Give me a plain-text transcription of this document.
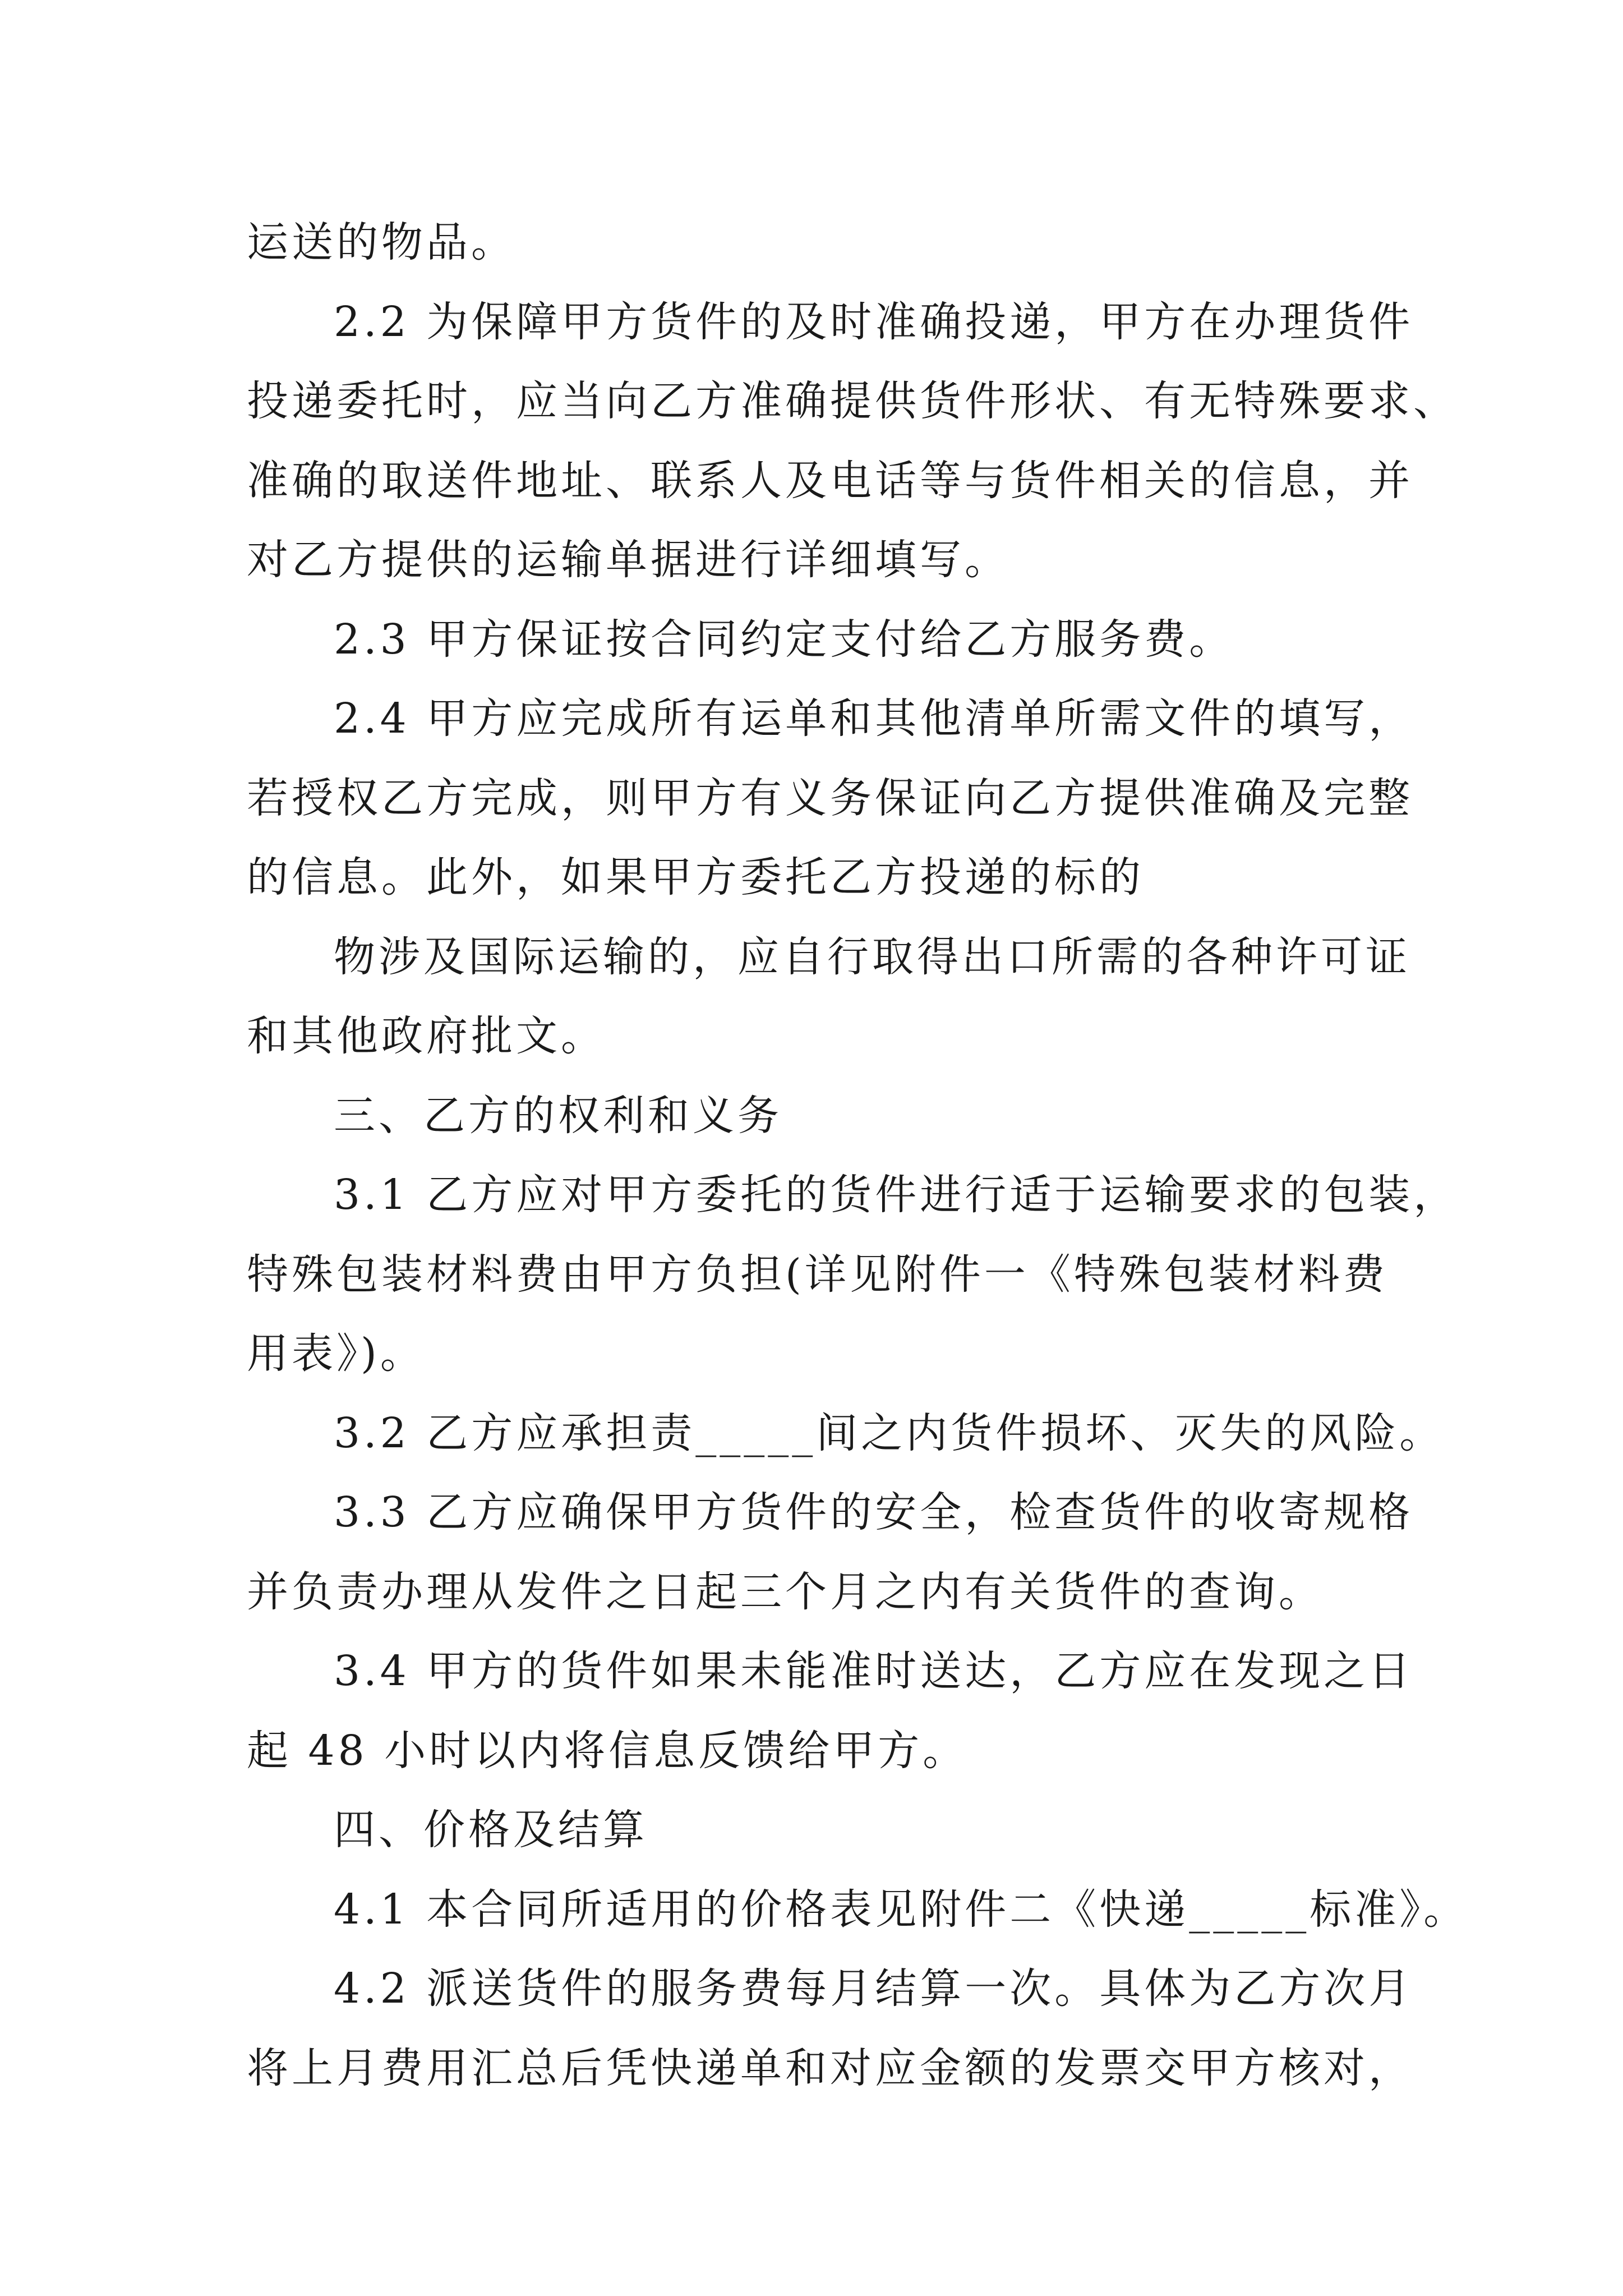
运送的物品。
2.2 为保障甲方货件的及时准确投递，甲方在办理货件
投递委托时，应当向乙方准确提供货件形状、有无特殊要求、
准确的取送件地址、联系人及电话等与货件相关的信息，并
对乙方提供的运输单据进行详细填写。
2.3 甲方保证按合同约定支付给乙方服务费。
2.4 甲方应完成所有运单和其他清单所需文件的填写，
若授权乙方完成，则甲方有义务保证向乙方提供准确及完整
的信息。此外，如果甲方委托乙方投递的标的
物涉及国际运输的，应自行取得出口所需的各种许可证
和其他政府批文。
三、乙方的权利和义务
3.1 乙方应对甲方委托的货件进行适于运输要求的包装，
特殊包装材料费由甲方负担(详见附件一《特殊包装材料费
用表》)。
3.2 乙方应承担责_____间之内货件损坏、灭失的风险。
3.3 乙方应确保甲方货件的安全，检查货件的收寄规格
并负责办理从发件之日起三个月之内有关货件的查询。
3.4 甲方的货件如果未能准时送达，乙方应在发现之日
起 48 小时以内将信息反馈给甲方。
四、价格及结算
4.1 本合同所适用的价格表见附件二《快递_____标准》。
4.2 派送货件的服务费每月结算一次。具体为乙方次月
将上月费用汇总后凭快递单和对应金额的发票交甲方核对，
